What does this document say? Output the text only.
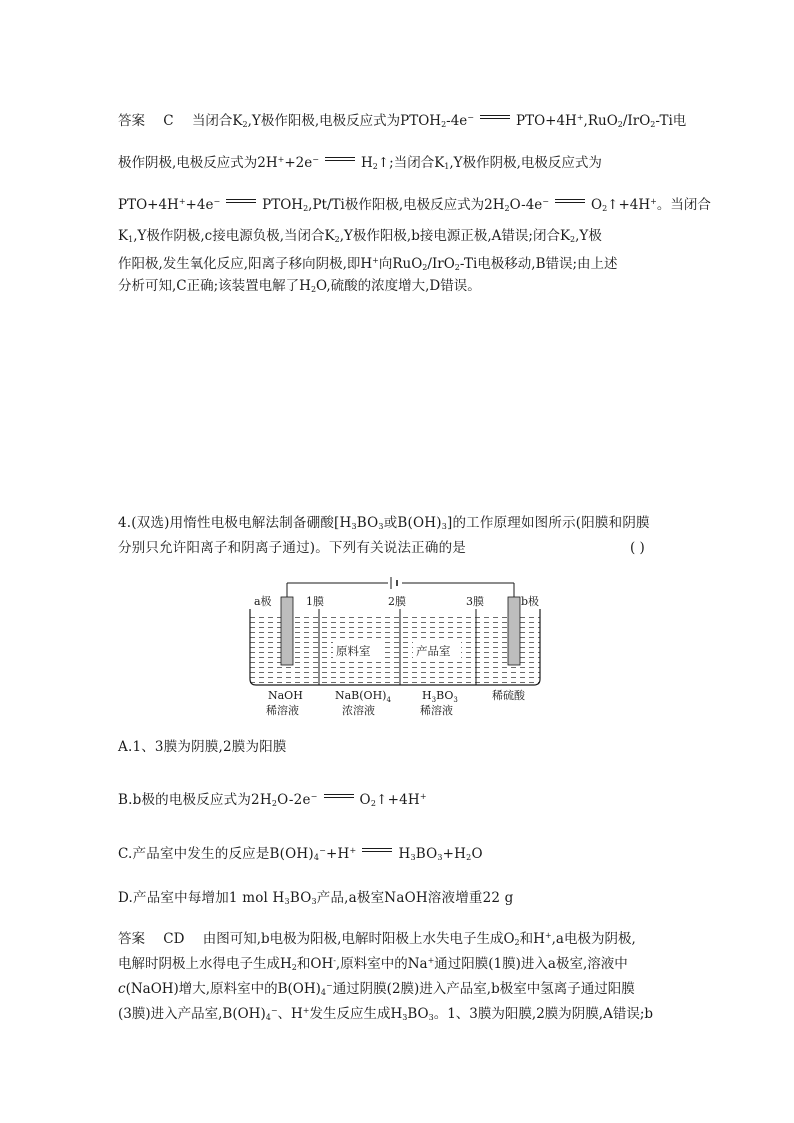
答案 C 当闭合$K_2,Y$极作阳极,电极反应式为$PTOH_2-4e^-$	PTO+4H+,RuO$_2$/IrO$_2$-Ti电
极作阴极,电极反应式为2H++2e−	$H_2↑$;当闭合$K_1,Y$极作阴极,电极反应式为
PTO+4H++4e−	$PTOH_2,Pt/Ti$极作阳极,电极反应式为$2H_2O-4e^-$	$O_2↑+4H^+$。当闭合
$K_1,Y$极作阴极,c接电源负极,当闭合$K_2,Y$极作阳极,b接电源正极,A错误;闭合$K_2,Y$极
作阳极,发生氧化反应,阳离子移向阴极,即H+向RuO$_2$/IrO$_2$-Ti电极移动,B错误;由上述
分析可知,C正确;该装置电解了$H_2O$,硫酸的浓度增大,D错误。
4.(双选)用惰性电极电解法制备硼酸[$H_3BO_3$或$B(OH)_3$]的工作原理如图所示(阳膜和阴膜
分别只允许阳离子和阴离子通过)。下列有关说法正确的是	( )
a极	1膜	2膜	3膜	b极
原料室	产品室
NaOH
稀溶液
$NaB(OH)_4$
浓溶液
$H_3BO_3$
稀溶液
稀硫酸
A.1、3膜为阴膜,2膜为阳膜
B.b极的电极反应式为$2H_2O-2e^-$	$O_2↑+4H^+$
C.产品室中发生的反应是$B(OH)_4^-+H^+$	$H_3BO_3+H_2O$
D.产品室中每增加1 mol $H_3BO_3$产品,a极室NaOH溶液增重22 g
答案 CD 由图可知,b电极为阳极,电解时阳极上水失电子生成$O_2$和H+,a电极为阴极,
电解时阴极上水得电子生成$H_2$和OH-,原料室中的Na+通过阳膜(1膜)进入a极室,溶液中
c(NaOH)增大,原料室中的$B(OH)_4^-$通过阴膜(2膜)进入产品室,b极室中氢离子通过阳膜
(3膜)进入产品室$,B(OH)_4^-$、H+发生反应生成$H_3BO_3$。1、3膜为阳膜,2膜为阴膜,A错误;b
